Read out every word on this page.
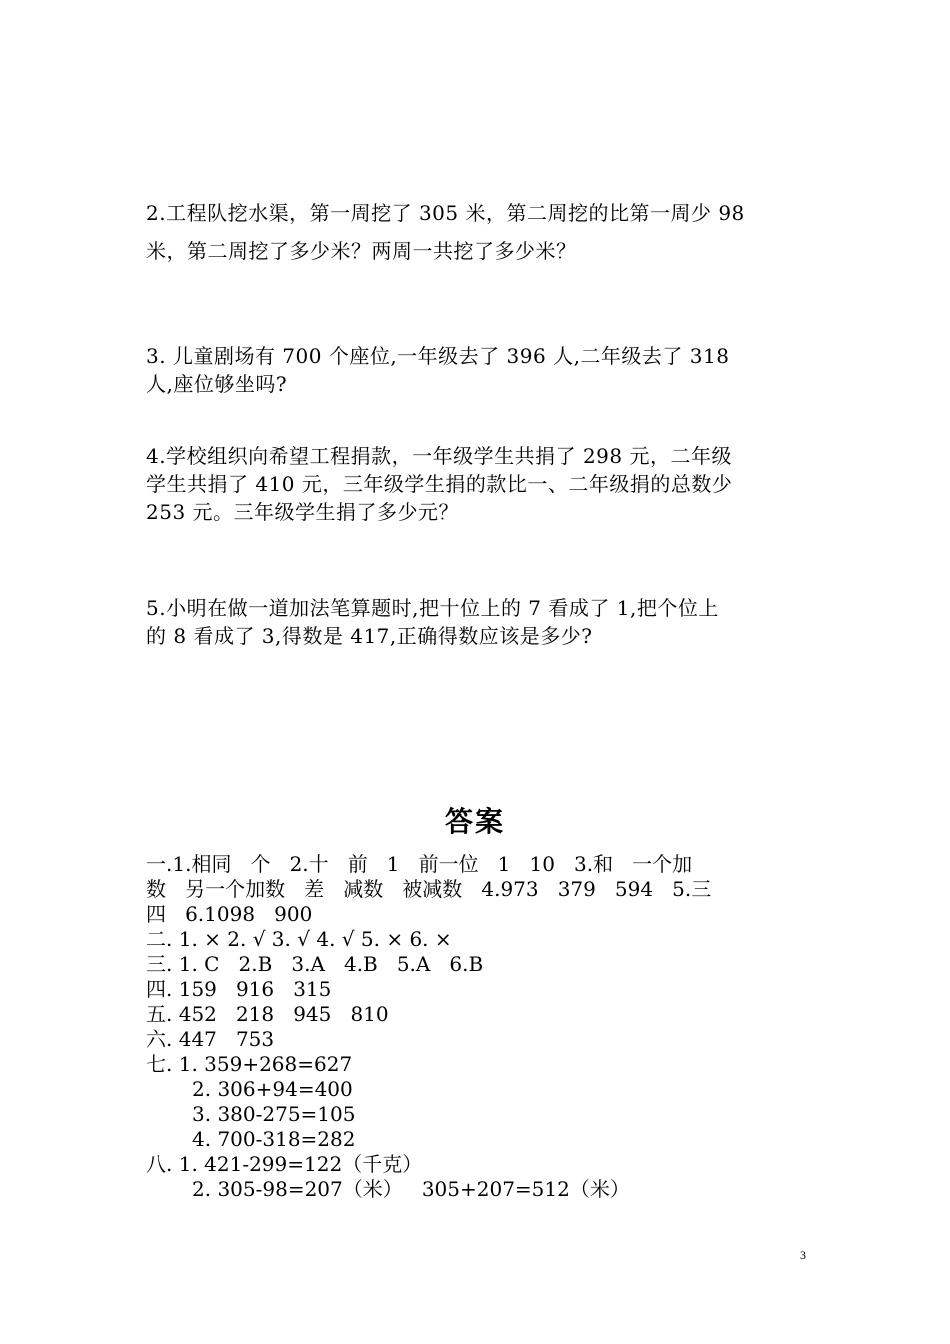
2.工程队挖水渠，第一周挖了 305 米，第二周挖的比第一周少 98
米，第二周挖了多少米？两周一共挖了多少米？
3. 儿童剧场有 700 个座位,一年级去了 396 人,二年级去了 318
人,座位够坐吗?
4.学校组织向希望工程捐款，一年级学生共捐了 298 元，二年级
学生共捐了 410 元，三年级学生捐的款比一、二年级捐的总数少
253 元。三年级学生捐了多少元？
5.小明在做一道加法笔算题时,把十位上的 7 看成了 1,把个位上
的 8 看成了 3,得数是 417,正确得数应该是多少?
答案
一.1.相同   个   2.十   前   1   前一位   1   10   3.和   一个加
数   另一个加数   差   减数   被减数   4.973   379   594   5.三
四   6.1098   900
二. 1. × 2. √ 3. √ 4. √ 5. × 6. ×
三. 1. C   2.B   3.A   4.B   5.A   6.B
四. 159   916   315
五. 452   218   945   810
六. 447   753
七. 1. 359+268=627
2. 306+94=400
3. 380-275=105
4. 700-318=282
八. 1. 421-299=122（千克）
2. 305-98=207（米）   305+207=512（米）
3
